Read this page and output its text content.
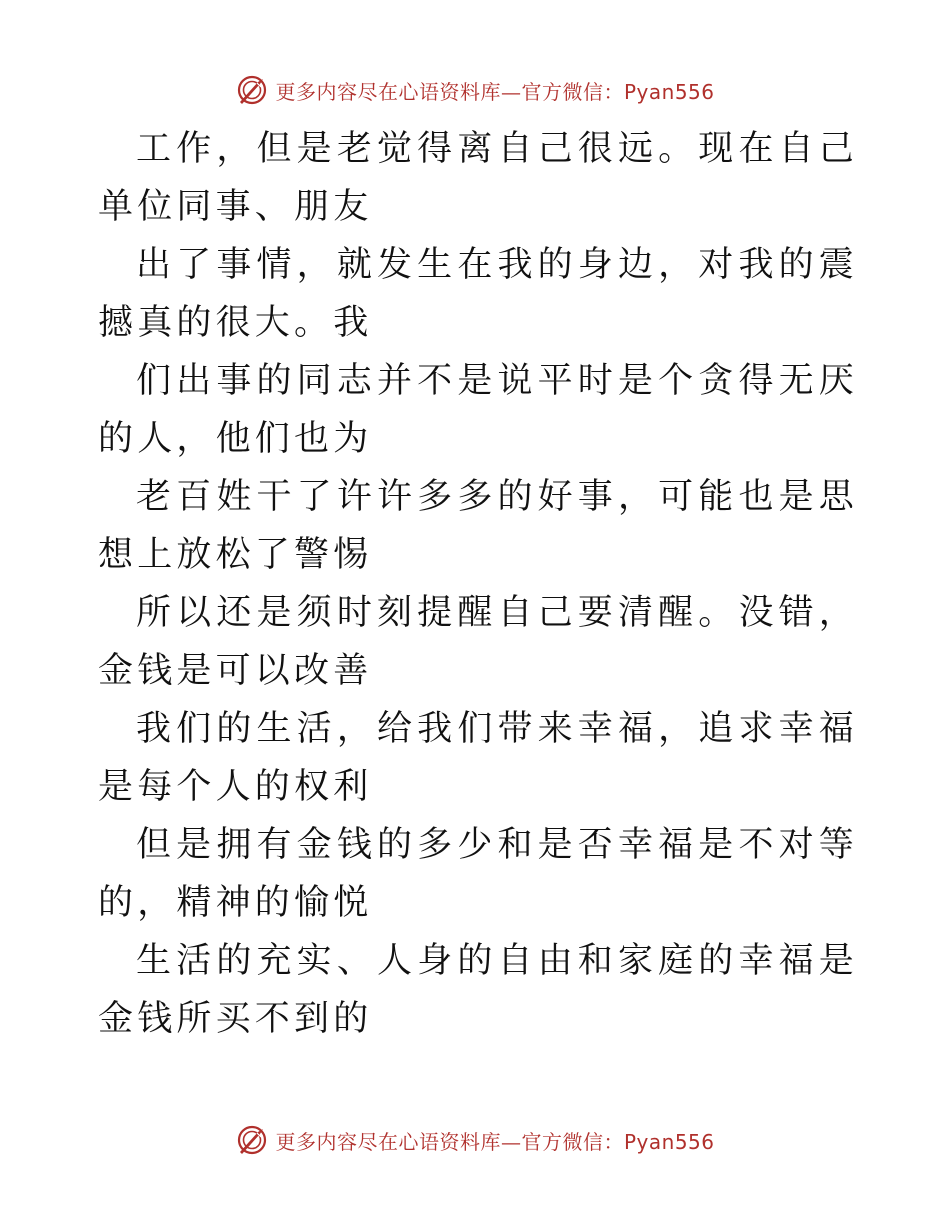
更多内容尽在心语资料库—官方微信：Pyan556

工作，但是老觉得离自己很远。现在自己单位同事、朋友

出了事情，就发生在我的身边，对我的震撼真的很大。我

们出事的同志并不是说平时是个贪得无厌的人，他们也为

老百姓干了许许多多的好事，可能也是思想上放松了警惕

所以还是须时刻提醒自己要清醒。没错，金钱是可以改善

我们的生活，给我们带来幸福，追求幸福是每个人的权利

但是拥有金钱的多少和是否幸福是不对等的，精神的愉悦

生活的充实、人身的自由和家庭的幸福是金钱所买不到的

更多内容尽在心语资料库—官方微信：Pyan556
